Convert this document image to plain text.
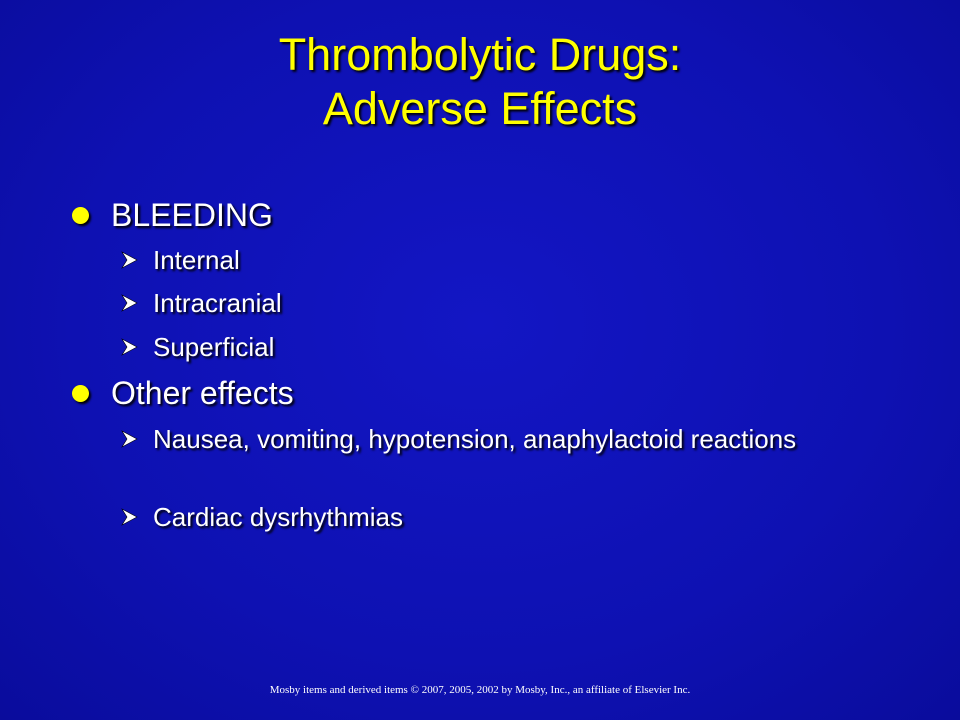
Thrombolytic Drugs:
Adverse Effects
BLEEDING
Internal
Intracranial
Superficial
Other effects
Nausea, vomiting, hypotension, anaphylactoid reactions
Cardiac dysrhythmias
Mosby items and derived items © 2007, 2005, 2002 by Mosby, Inc., an affiliate of Elsevier Inc.
